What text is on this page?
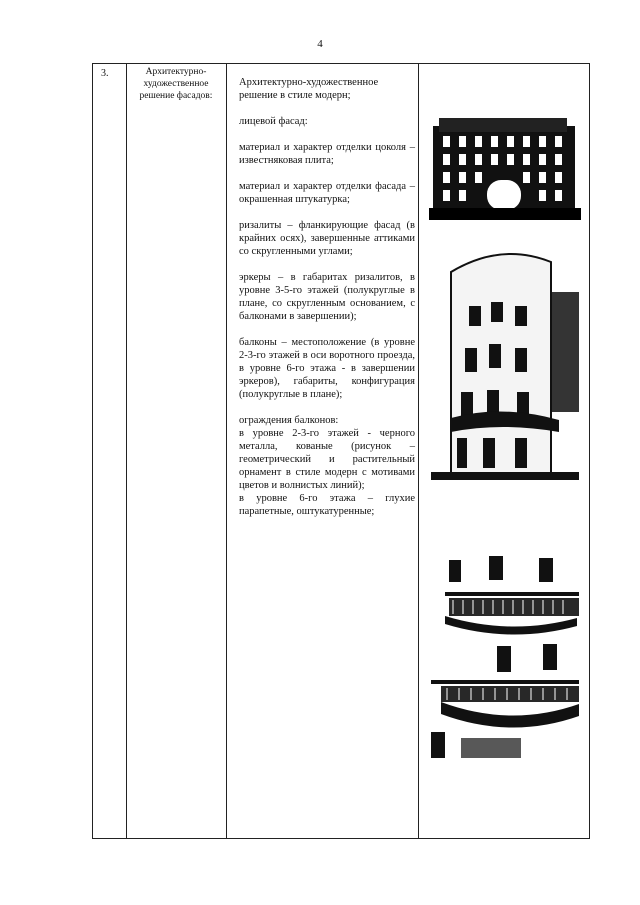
4
3.	Архитектурно-художественное решение фасадов:

Архитектурно-художественное решение в стиле модерн;

лицевой фасад:

материал и характер отделки цоколя – известняковая плита;

материал и характер отделки фасада – окрашенная штукатурка;

ризалиты – фланкирующие фасад (в крайних осях), завершенные аттиками со скругленными углами;

эркеры – в габаритах ризалитов, в уровне 3-5-го этажей (полукруглые в плане, со скругленным основанием, с балконами в завершении);

балконы – местоположение (в уровне 2-3-го этажей в оси воротного проезда, в уровне 6-го этажа - в завершении эркеров), габариты, конфигурация (полукруглые в плане);

ограждения балконов:

в уровне 2-3-го этажей - черного металла, кованые (рисунок – геометрический и растительный орнамент в стиле модерн с мотивами цветов и волнистых линий);

в уровне 6-го этажа – глухие парапетные, оштукатуренные;
